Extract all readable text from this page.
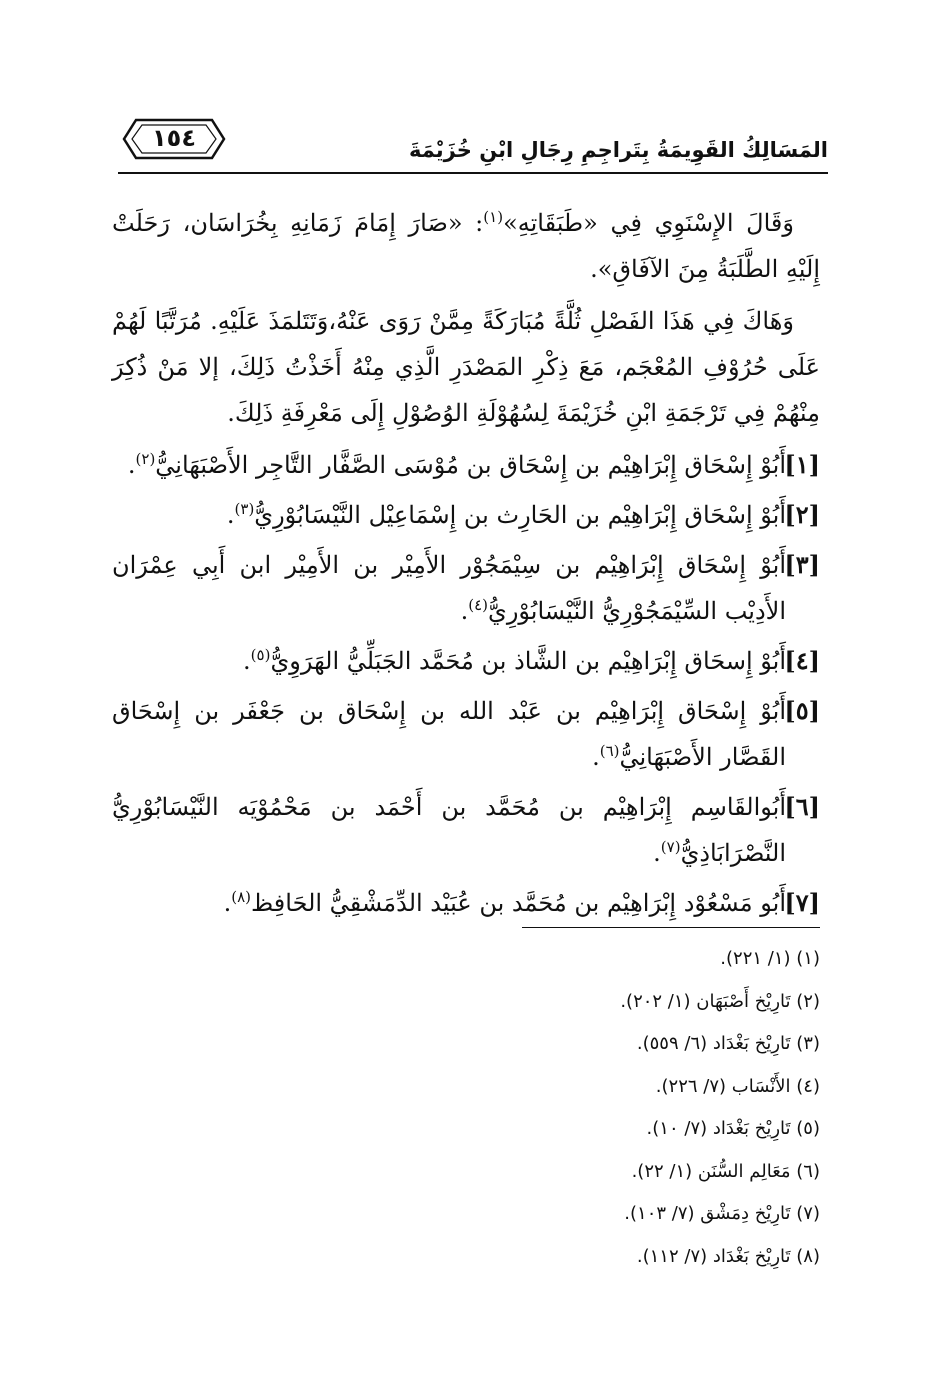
١٥٤	المَسَالِكُ القَوِيمَةُ بِتَراجِمِ رِجَالِ ابْنِ خُزَيْمَةَ

وَقَالَ الإِسْنَوِي فِي «طَبَقَاتِهِ»$^{(١)}$: «صَارَ إِمَامَ زَمَانِهِ بِخُرَاسَان، رَحَلَتْ إِلَيْهِ الطَّلَبَةُ مِنَ الآفَاقِ».

وَهَاكَ فِي هَذَا الفَصْلِ ثُلَّةً مُبَارَكَةً مِمَّنْ رَوَى عَنْهُ،وَتَتَلمَذَ عَلَيْهِ. مُرَتَّبًا لَهُمْ عَلَى حُرُوْفِ المُعْجَم، مَعَ ذِكْرِ المَصْدَرِ الَّذِي مِنْهُ أَخَذْتُ ذَلِكَ، إلا مَنْ ذُكِرَ مِنْهُمْ فِي تَرْجَمَةِ ابْنِ خُزَيْمَةَ لِسُهُوْلَةِ الوُصُوْلِ إِلَى مَعْرِفَةِ ذَلِكَ.

[١]
أَبُوْ إِسْحَاق إِبْرَاهِيْم بن إِسْحَاق بن مُوْسَى الصَّفَّار التَّاجِر الأَصْبَهَانِيُّ$^{(٢)}$.
[٢]
أَبُوْ إِسْحَاق إِبْرَاهِيْم بن الحَارِث بن إِسْمَاعِيْل النَّيْسَابُوْرِيُّ$^{(٣)}$.
[٣]
أَبُوْ إِسْحَاق إِبْرَاهِيْم بن سِيْمَجُوْر الأَمِيْر بن الأَمِيْر ابن أَبِي عِمْرَان الأَدِيْب السِّيْمَجُوْرِيُّ النَّيْسَابُوْرِيُّ$^{(٤)}$.
[٤]
أَبُوْ إِسحَاق إِبْرَاهِيْم بن الشَّاذ بن مُحَمَّد الجَبَلِّيُّ الهَرَوِيُّ$^{(٥)}$.
[٥]
أَبُوْ إِسْحَاق إِبْرَاهِيْم بن عَبْد الله بن إِسْحَاق بن جَعْفَر بن إِسْحَاق القَصَّار الأَصْبَهَانِيُّ$^{(٦)}$.
[٦]
أَبُوالقَاسِم إِبْرَاهِيْم بن مُحَمَّد بن أَحْمَد بن مَحْمُوْيَه النَّيْسَابُوْرِيُّ النَّصْرَابَاذِيُّ$^{(٧)}$.
[٧]
أَبُو مَسْعُوْد إِبْرَاهِيْم بن مُحَمَّد بن عُبَيْد الدِّمَشْقِيُّ الحَافِظ$^{(٨)}$.
(١) (١/ ٢٢١).
(٢) تَارِيْخ أَصْبَهَان (١/ ٢٠٢).
(٣) تَارِيْخ بَغْدَاد (٦/ ٥٥٩).
(٤) الأَنْسَاب (٧/ ٢٢٦).
(٥) تَارِيْخ بَغْدَاد (٧/ ١٠).
(٦) مَعَالِم السُّنَن (١/ ٢٢).
(٧) تَارِيْخ دِمَشْق (٧/ ١٠٣).
(٨) تَارِيْخ بَغْدَاد (٧/ ١١٢).
